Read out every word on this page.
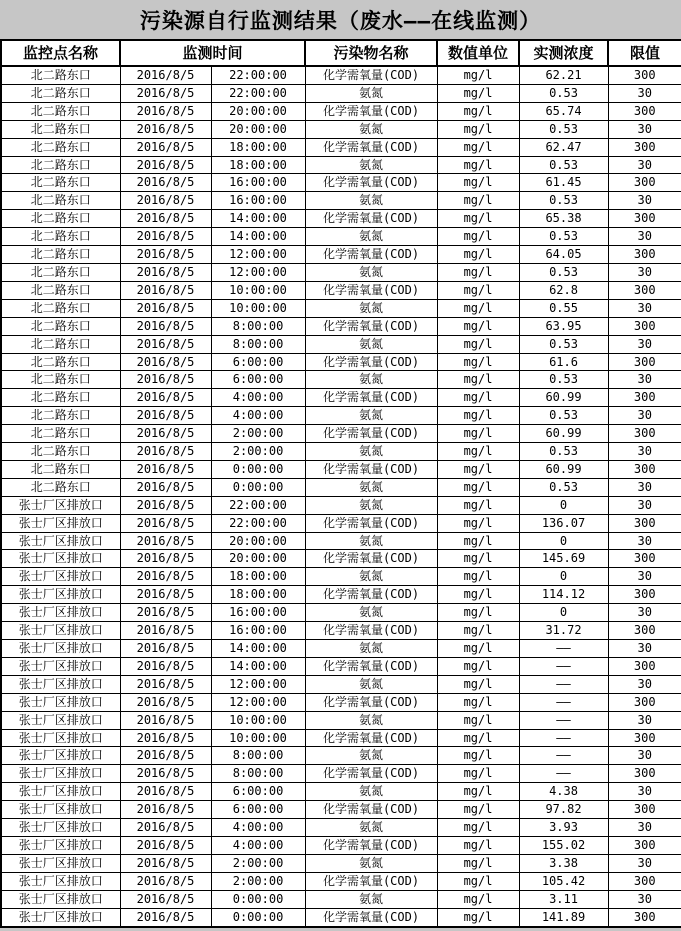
污染源自行监测结果（废水——在线监测）
监控点名称	监测时间		污染物名称	数值单位	实测浓度	限值
北二路东口	2016/8/5	22:00:00	化学需氧量(COD)	mg/l	62.21	300
北二路东口	2016/8/5	22:00:00	氨氮	mg/l	0.53	30
北二路东口	2016/8/5	20:00:00	化学需氧量(COD)	mg/l	65.74	300
北二路东口	2016/8/5	20:00:00	氨氮	mg/l	0.53	30
北二路东口	2016/8/5	18:00:00	化学需氧量(COD)	mg/l	62.47	300
北二路东口	2016/8/5	18:00:00	氨氮	mg/l	0.53	30
北二路东口	2016/8/5	16:00:00	化学需氧量(COD)	mg/l	61.45	300
北二路东口	2016/8/5	16:00:00	氨氮	mg/l	0.53	30
北二路东口	2016/8/5	14:00:00	化学需氧量(COD)	mg/l	65.38	300
北二路东口	2016/8/5	14:00:00	氨氮	mg/l	0.53	30
北二路东口	2016/8/5	12:00:00	化学需氧量(COD)	mg/l	64.05	300
北二路东口	2016/8/5	12:00:00	氨氮	mg/l	0.53	30
北二路东口	2016/8/5	10:00:00	化学需氧量(COD)	mg/l	62.8	300
北二路东口	2016/8/5	10:00:00	氨氮	mg/l	0.55	30
北二路东口	2016/8/5	8:00:00	化学需氧量(COD)	mg/l	63.95	300
北二路东口	2016/8/5	8:00:00	氨氮	mg/l	0.53	30
北二路东口	2016/8/5	6:00:00	化学需氧量(COD)	mg/l	61.6	300
北二路东口	2016/8/5	6:00:00	氨氮	mg/l	0.53	30
北二路东口	2016/8/5	4:00:00	化学需氧量(COD)	mg/l	60.99	300
北二路东口	2016/8/5	4:00:00	氨氮	mg/l	0.53	30
北二路东口	2016/8/5	2:00:00	化学需氧量(COD)	mg/l	60.99	300
北二路东口	2016/8/5	2:00:00	氨氮	mg/l	0.53	30
北二路东口	2016/8/5	0:00:00	化学需氧量(COD)	mg/l	60.99	300
北二路东口	2016/8/5	0:00:00	氨氮	mg/l	0.53	30
张士厂区排放口	2016/8/5	22:00:00	氨氮	mg/l	0	30
张士厂区排放口	2016/8/5	22:00:00	化学需氧量(COD)	mg/l	136.07	300
张士厂区排放口	2016/8/5	20:00:00	氨氮	mg/l	0	30
张士厂区排放口	2016/8/5	20:00:00	化学需氧量(COD)	mg/l	145.69	300
张士厂区排放口	2016/8/5	18:00:00	氨氮	mg/l	0	30
张士厂区排放口	2016/8/5	18:00:00	化学需氧量(COD)	mg/l	114.12	300
张士厂区排放口	2016/8/5	16:00:00	氨氮	mg/l	0	30
张士厂区排放口	2016/8/5	16:00:00	化学需氧量(COD)	mg/l	31.72	300
张士厂区排放口	2016/8/5	14:00:00	氨氮	mg/l	——	30
张士厂区排放口	2016/8/5	14:00:00	化学需氧量(COD)	mg/l	——	300
张士厂区排放口	2016/8/5	12:00:00	氨氮	mg/l	——	30
张士厂区排放口	2016/8/5	12:00:00	化学需氧量(COD)	mg/l	——	300
张士厂区排放口	2016/8/5	10:00:00	氨氮	mg/l	——	30
张士厂区排放口	2016/8/5	10:00:00	化学需氧量(COD)	mg/l	——	300
张士厂区排放口	2016/8/5	8:00:00	氨氮	mg/l	——	30
张士厂区排放口	2016/8/5	8:00:00	化学需氧量(COD)	mg/l	——	300
张士厂区排放口	2016/8/5	6:00:00	氨氮	mg/l	4.38	30
张士厂区排放口	2016/8/5	6:00:00	化学需氧量(COD)	mg/l	97.82	300
张士厂区排放口	2016/8/5	4:00:00	氨氮	mg/l	3.93	30
张士厂区排放口	2016/8/5	4:00:00	化学需氧量(COD)	mg/l	155.02	300
张士厂区排放口	2016/8/5	2:00:00	氨氮	mg/l	3.38	30
张士厂区排放口	2016/8/5	2:00:00	化学需氧量(COD)	mg/l	105.42	300
张士厂区排放口	2016/8/5	0:00:00	氨氮	mg/l	3.11	30
张士厂区排放口	2016/8/5	0:00:00	化学需氧量(COD)	mg/l	141.89	300
